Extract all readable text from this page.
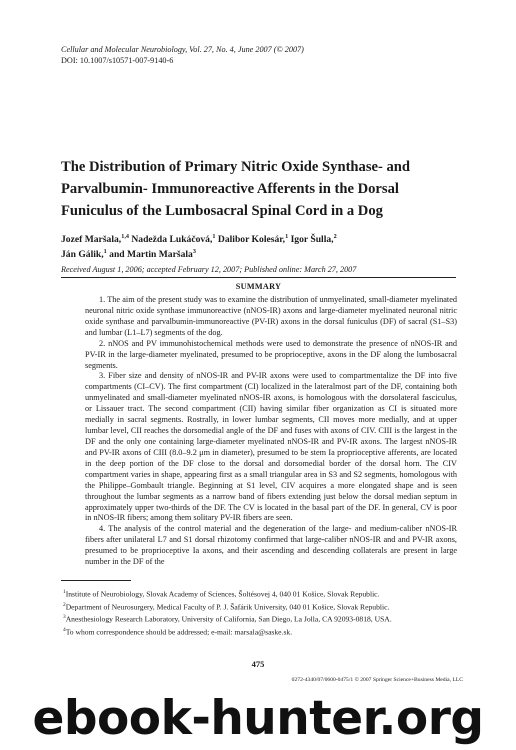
Cellular and Molecular Neurobiology, Vol. 27, No. 4, June 2007 (© 2007)
DOI: 10.1007/s10571-007-9140-6
The Distribution of Primary Nitric Oxide Synthase- and Parvalbumin- Immunoreactive Afferents in the Dorsal Funiculus of the Lumbosacral Spinal Cord in a Dog
Jozef Maršala,$^{1,4}$ Nadežda Lukáčová,$^1$ Dalibor Kolesár,$^1$ Igor Šulla,$^2$
Ján Gálik,$^1$ and Martin Maršala$^3$
Received August 1, 2006; accepted February 12, 2007; Published online: March 27, 2007
SUMMARY

1. The aim of the present study was to examine the distribution of unmyelinated, small-diameter myelinated neuronal nitric oxide synthase immunoreactive (nNOS-IR) axons and large-diameter myelinated neuronal nitric oxide synthase and parvalbumin-immunoreactive (PV-IR) axons in the dorsal funiculus (DF) of sacral (S1–S3) and lumbar (L1–L7) segments of the dog.

2. nNOS and PV immunohistochemical methods were used to demonstrate the presence of nNOS-IR and PV-IR in the large-diameter myelinated, presumed to be proprioceptive, axons in the DF along the lumbosacral segments.

3. Fiber size and density of nNOS-IR and PV-IR axons were used to compartmentalize the DF into five compartments (CI–CV). The first compartment (CI) localized in the lateralmost part of the DF, containing both unmyelinated and small-diameter myelinated nNOS-IR axons, is homologous with the dorsolateral fasciculus, or Lissauer tract. The second compartment (CII) having similar fiber organization as CI is situated more medially in sacral segments. Rostrally, in lower lumbar segments, CII moves more medially, and at upper lumbar level, CII reaches the dorsomedial angle of the DF and fuses with axons of CIV. CIII is the largest in the DF and the only one containing large-diameter myelinated nNOS-IR and PV-IR axons. The largest nNOS-IR and PV-IR axons of CIII (8.0–9.2 μm in diameter), presumed to be stem Ia proprioceptive afferents, are located in the deep portion of the DF close to the dorsal and dorsomedial border of the dorsal horn. The CIV compartment varies in shape, appearing first as a small triangular area in S3 and S2 segments, homologous with the Philippe–Gombault triangle. Beginning at S1 level, CIV acquires a more elongated shape and is seen throughout the lumbar segments as a narrow band of fibers extending just below the dorsal median septum in approximately upper two-thirds of the DF. The CV is located in the basal part of the DF. In general, CV is poor in nNOS-IR fibers; among them solitary PV-IR fibers are seen.

4. The analysis of the control material and the degeneration of the large- and medium-caliber nNOS-IR fibers after unilateral L7 and S1 dorsal rhizotomy confirmed that large-caliber nNOS-IR and and PV-IR axons, presumed to be proprioceptive Ia axons, and their ascending and descending collaterals are present in large number in the DF of the

$^1$Institute of Neurobiology, Slovak Academy of Sciences, Šoltésovej 4, 040 01 Košice, Slovak Republic.
$^2$Department of Neurosurgery, Medical Faculty of P. J. Šafárik University, 040 01 Košice, Slovak Republic.
$^3$Anesthesiology Research Laboratory, University of California, San Diego, La Jolla, CA 92093-0818, USA.
$^4$To whom correspondence should be addressed; e-mail: marsala@saske.sk.
475
0272-4340/07/0600-0475/1 © 2007 Springer Science+Business Media, LLC
ebook-hunter.org
